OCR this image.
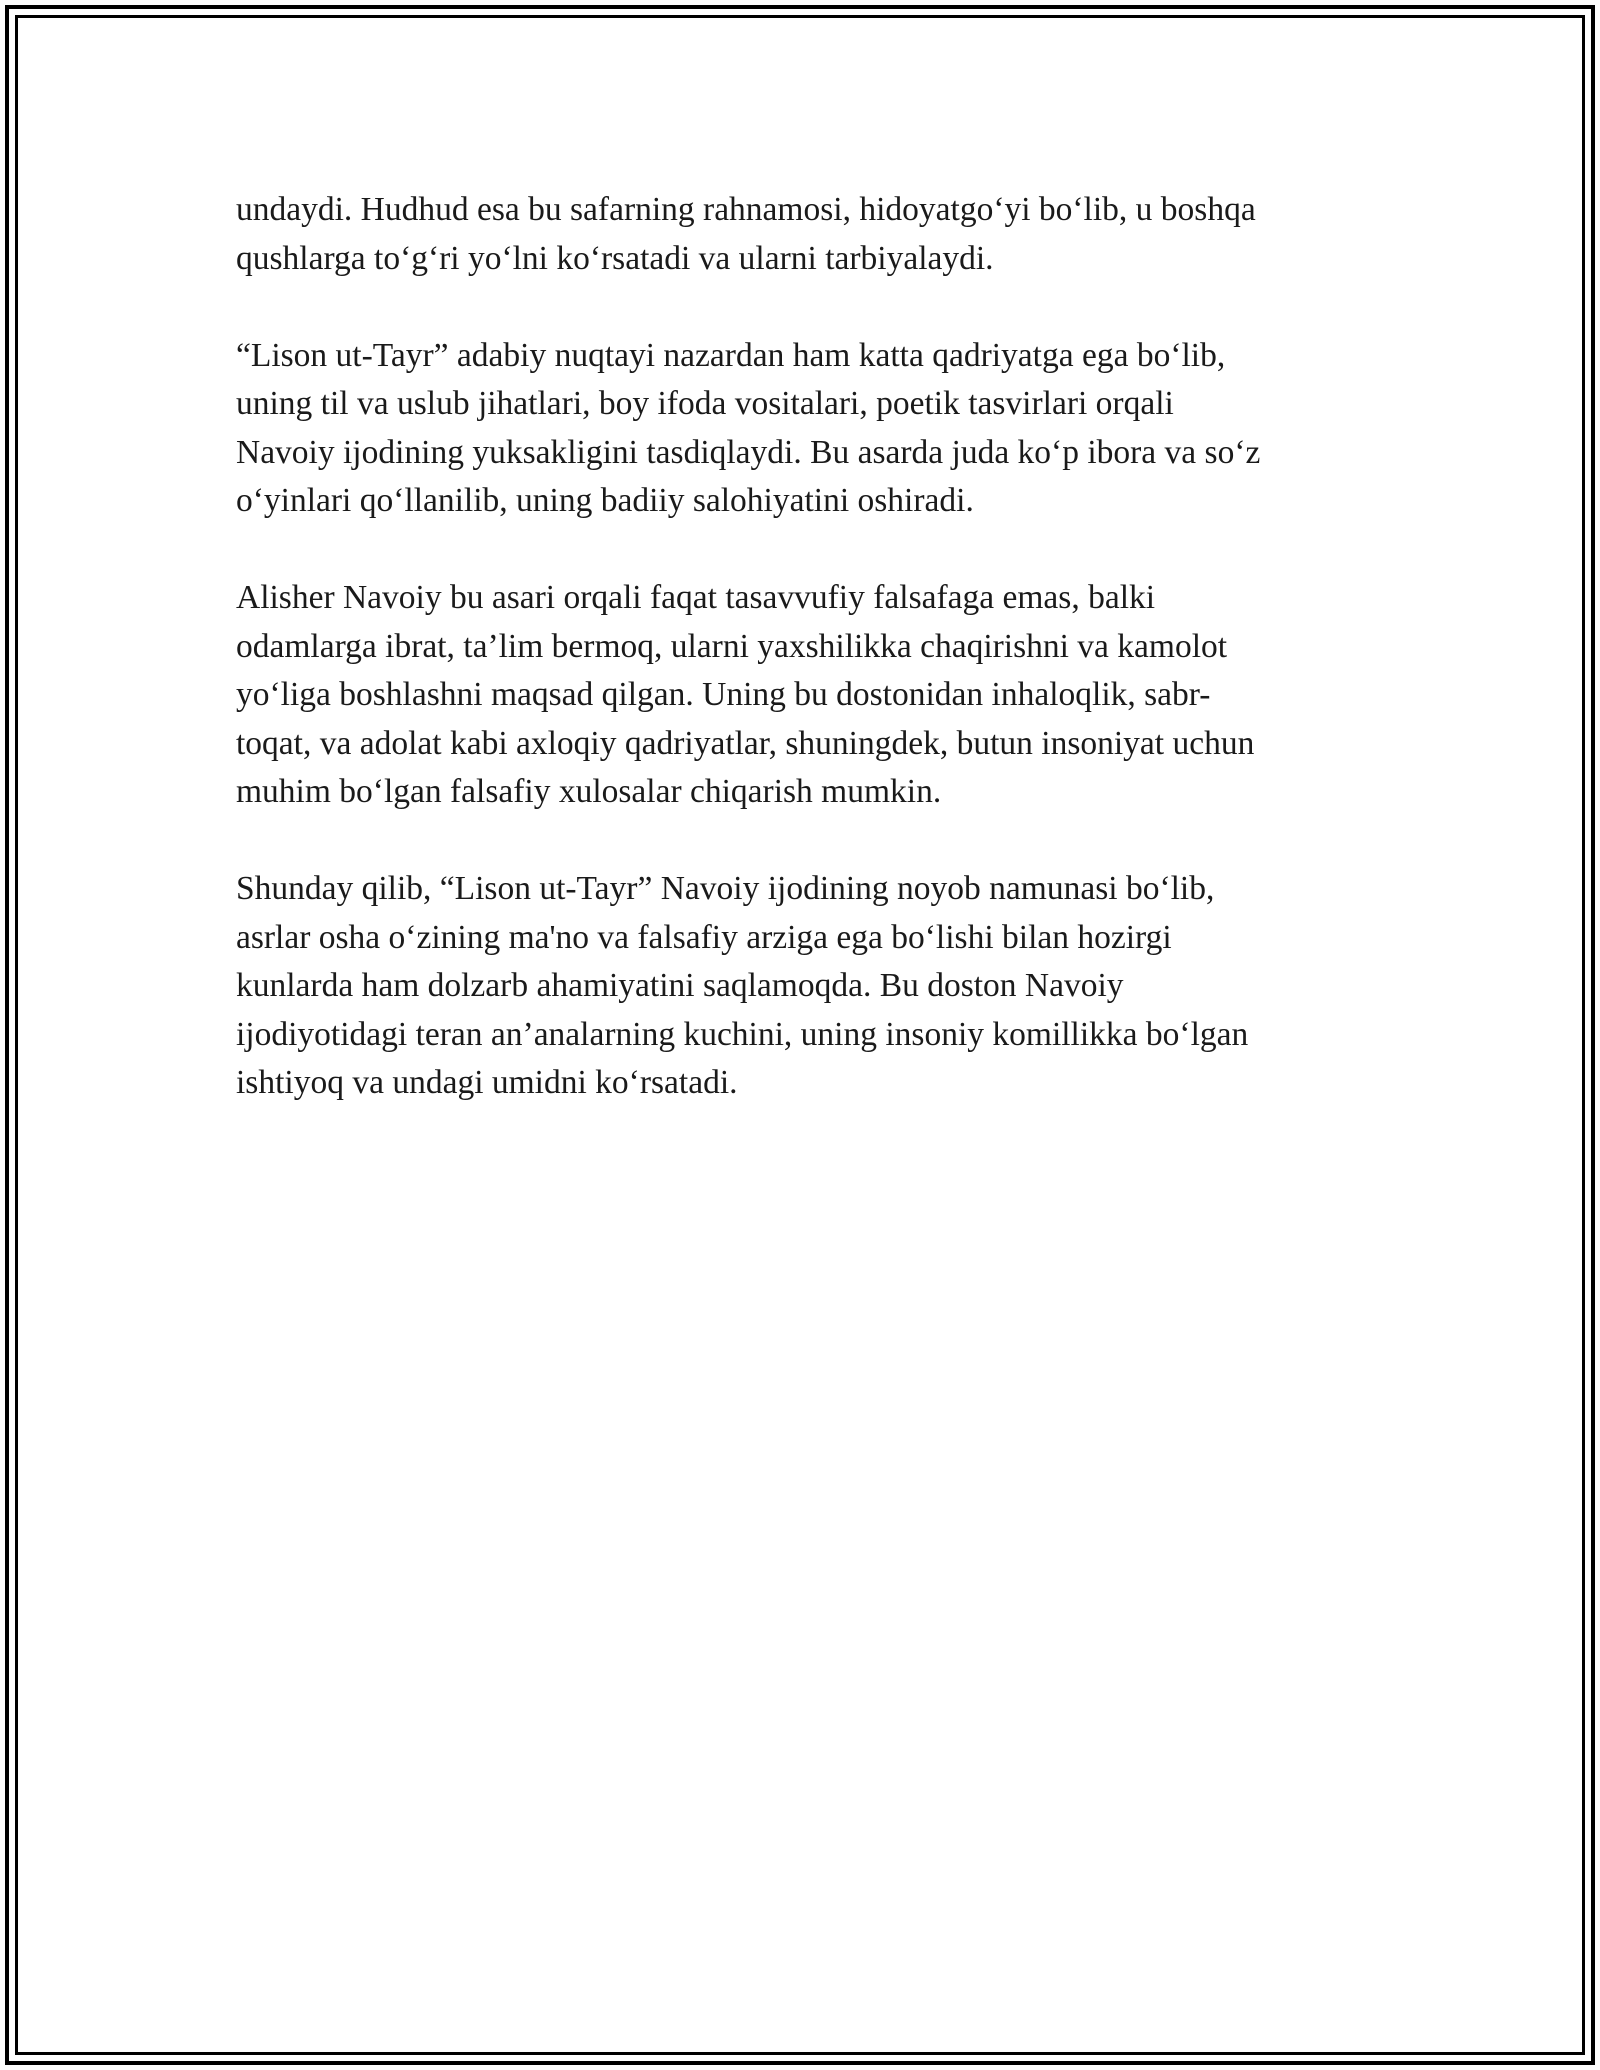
undaydi. Hudhud esa bu safarning rahnamosi, hidoyatgo‘yi bo‘lib, u boshqa
qushlarga to‘g‘ri yo‘lni ko‘rsatadi va ularni tarbiyalaydi.

“Lison ut-Tayr” adabiy nuqtayi nazardan ham katta qadriyatga ega bo‘lib,
uning til va uslub jihatlari, boy ifoda vositalari, poetik tasvirlari orqali
Navoiy ijodining yuksakligini tasdiqlaydi. Bu asarda juda ko‘p ibora va so‘z
o‘yinlari qo‘llanilib, uning badiiy salohiyatini oshiradi.

Alisher Navoiy bu asari orqali faqat tasavvufiy falsafaga emas, balki
odamlarga ibrat, ta’lim bermoq, ularni yaxshilikka chaqirishni va kamolot
yo‘liga boshlashni maqsad qilgan. Uning bu dostonidan inhaloqlik, sabr-
toqat, va adolat kabi axloqiy qadriyatlar, shuningdek, butun insoniyat uchun
muhim bo‘lgan falsafiy xulosalar chiqarish mumkin.

Shunday qilib, “Lison ut-Tayr” Navoiy ijodining noyob namunasi bo‘lib,
asrlar osha o‘zining ma'no va falsafiy arziga ega bo‘lishi bilan hozirgi
kunlarda ham dolzarb ahamiyatini saqlamoqda. Bu doston Navoiy
ijodiyotidagi teran an’analarning kuchini, uning insoniy komillikka bo‘lgan
ishtiyoq va undagi umidni ko‘rsatadi.
